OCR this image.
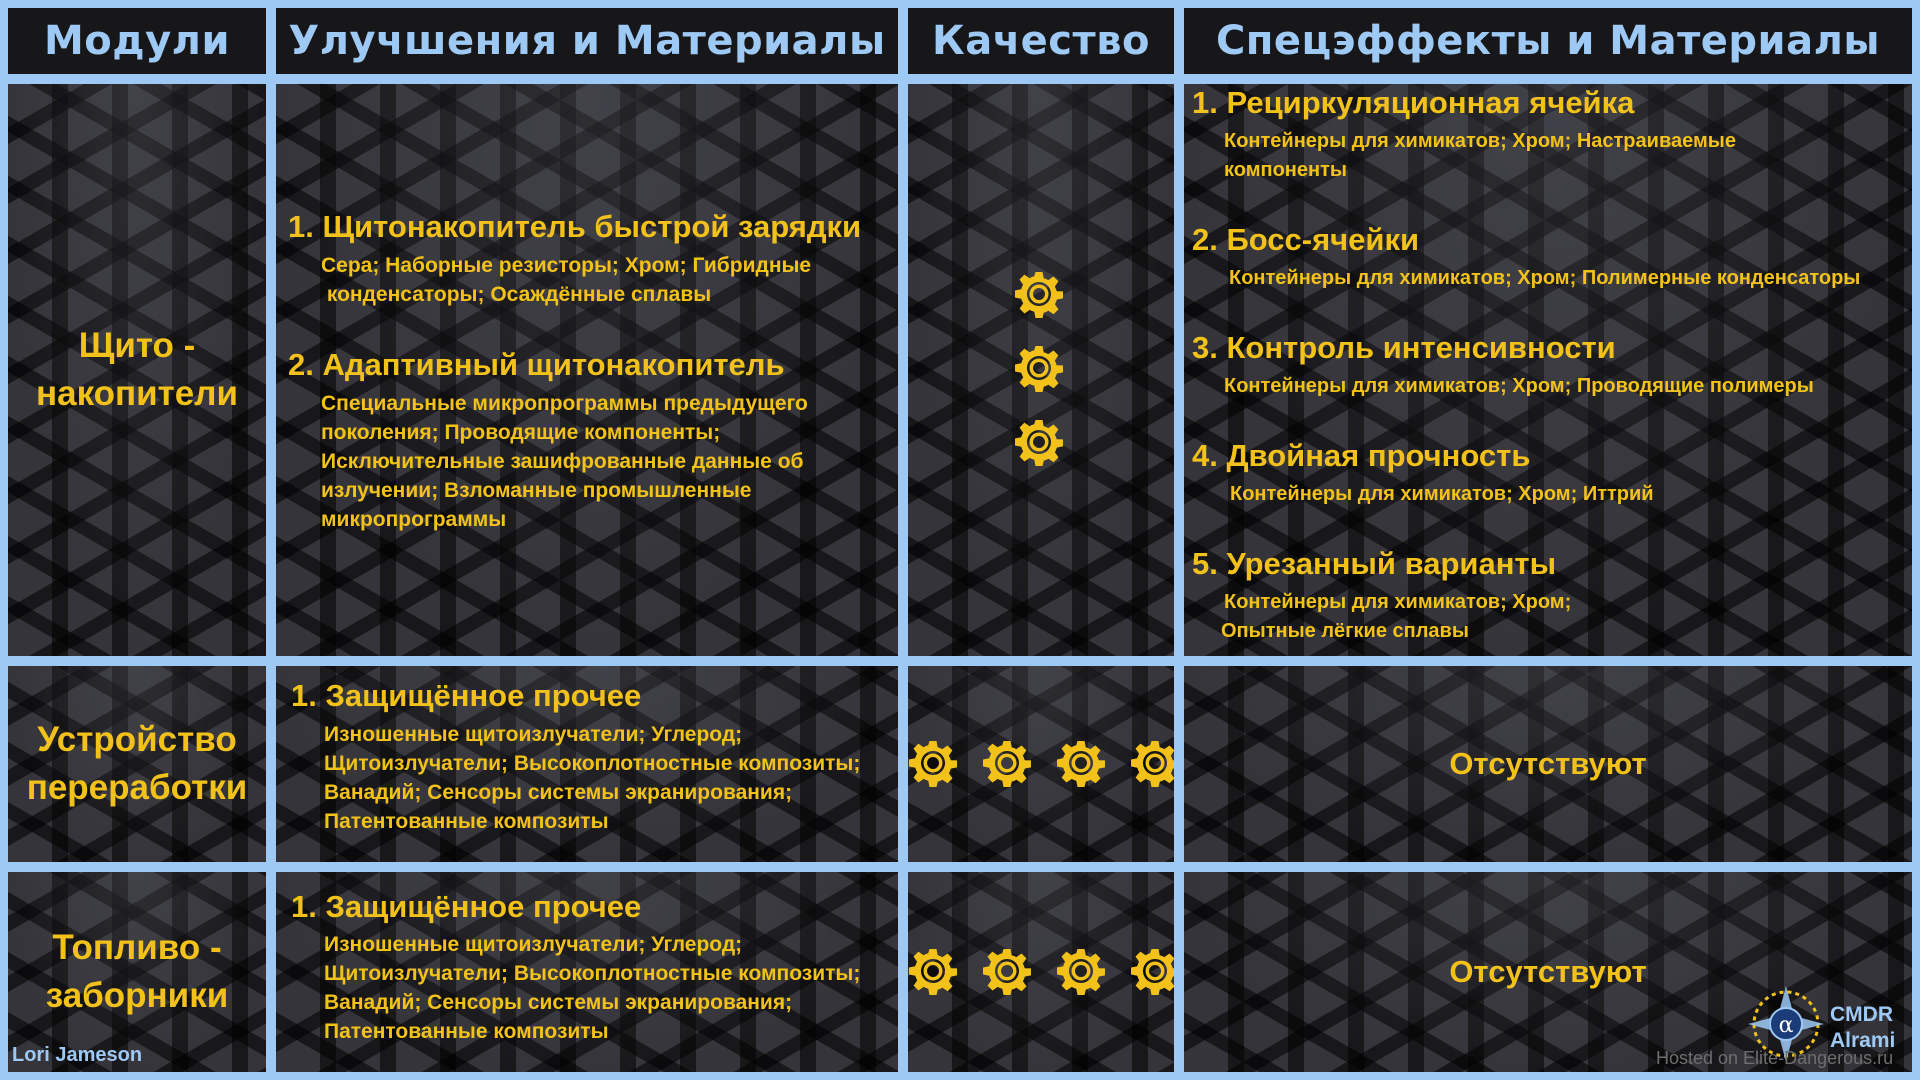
Модули Улучшения и Материалы Качество Спецэффекты и Материалы
Щито -
накопители
1. Щитонакопитель быстрой зарядки
Сера; Наборные резисторы; Хром; Гибридные
конденсаторы; Осаждённые сплавы
2. Адаптивный щитонакопитель
Специальные микропрограммы предыдущего
поколения; Проводящие компоненты;
Исключительные зашифрованные данные об
излучении; Взломанные промышленные
микропрограммы
1. Рециркуляционная ячейка
Контейнеры для химикатов; Хром; Настраиваемые
компоненты
2. Босс-ячейки
Контейнеры для химикатов; Хром; Полимерные конденсаторы
3. Контроль интенсивности
Контейнеры для химикатов; Хром; Проводящие полимеры
4. Двойная прочность
Контейнеры для химикатов; Хром; Иттрий
5. Урезанный варианты
Контейнеры для химикатов; Хром;
Опытные лёгкие сплавы
Устройство
переработки
1. Защищённое прочее
Изношенные щитоизлучатели; Углерод;
Щитоизлучатели; Высокоплотностные композиты;
Ванадий; Сенсоры системы экранирования;
Патентованные композиты
Отсутствуют
Топливо -
заборники
1. Защищённое прочее
Изношенные щитоизлучатели; Углерод;
Щитоизлучатели; Высокоплотностные композиты;
Ванадий; Сенсоры системы экранирования;
Патентованные композиты
Отсутствуют
Lori Jameson
α CMDR
Alrami
Hosted on Elite-Dangerous.ru
